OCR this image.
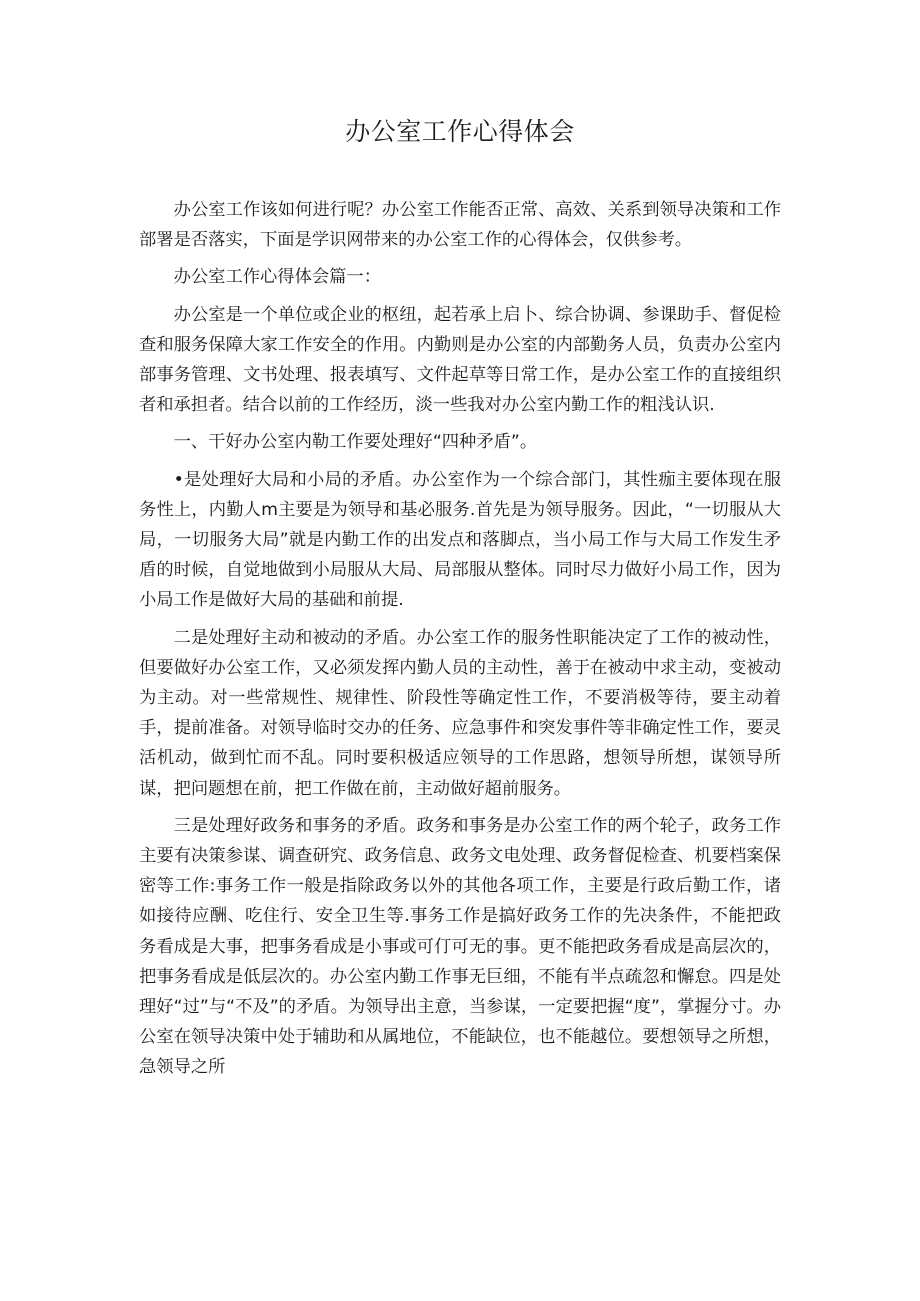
办公室工作心得体会

办公室工作该如何进行呢？办公室工作能否正常、高效、关系到领导决策和工作部署是否落实，下面是学识网带来的办公室工作的心得体会，仅供参考。

办公室工作心得体会篇一：

办公室是一个单位或企业的枢纽，起若承上启卜、综合协调、参课助手、督促检查和服务保障大家工作安全的作用。内勤则是办公室的内部勤务人员，负责办公室内部事务管理、文书处理、报表填写、文件起草等日常工作，是办公室工作的直接组织者和承担者。结合以前的工作经历，淡一些我对办公室内勤工作的粗浅认识.

一、干好办公室内勒工作要处理好“四种矛盾”。

•是处理好大局和小局的矛盾。办公室作为一个综合部门，其性痂主要体现在服务性上，内勤人m主要是为领导和基必服务.首先是为领导服务。因此，“一切服从大局，一切服务大局”就是内勤工作的出发点和落脚点，当小局工作与大局工作发生矛盾的时候，自觉地做到小局服从大局、局部服从整体。同时尽力做好小局工作，因为小局工作是做好大局的基础和前提.

二是处理好主动和被动的矛盾。办公室工作的服务性职能决定了工作的被动性，但要做好办公室工作，又必须发挥内勤人员的主动性，善于在被动中求主动，变被动为主动。对一些常规性、规律性、阶段性等确定性工作，不要消极等待，要主动着手，提前准备。对领导临时交办的任务、应急事件和突发事件等非确定性工作，要灵活机动，做到忙而不乱。同时要积极适应领导的工作思路，想领导所想，谋领导所谋，把问题想在前，把工作做在前，主动做好超前服务。

三是处理好政务和事务的矛盾。政务和事务是办公室工作的两个轮子，政务工作主要有决策参谋、调查研究、政务信息、政务文电处理、政务督促检查、机要档案保密等工作:事务工作一般是指除政务以外的其他各项工作，主要是行政后勤工作，诸如接待应酬、吃住行、安全卫生等.事务工作是搞好政务工作的先决条件，不能把政务看成是大事，把事务看成是小事或可仃可无的事。更不能把政务看成是高层次的，把事务看成是低层次的。办公室内勤工作事无巨细，不能有半点疏忽和懈怠。四是处理好“过”与“不及”的矛盾。为领导出主意，当参谋，一定要把握“度”，掌握分寸。办公室在领导决策中处于辅助和从属地位，不能缺位，也不能越位。要想领导之所想，急领导之所
